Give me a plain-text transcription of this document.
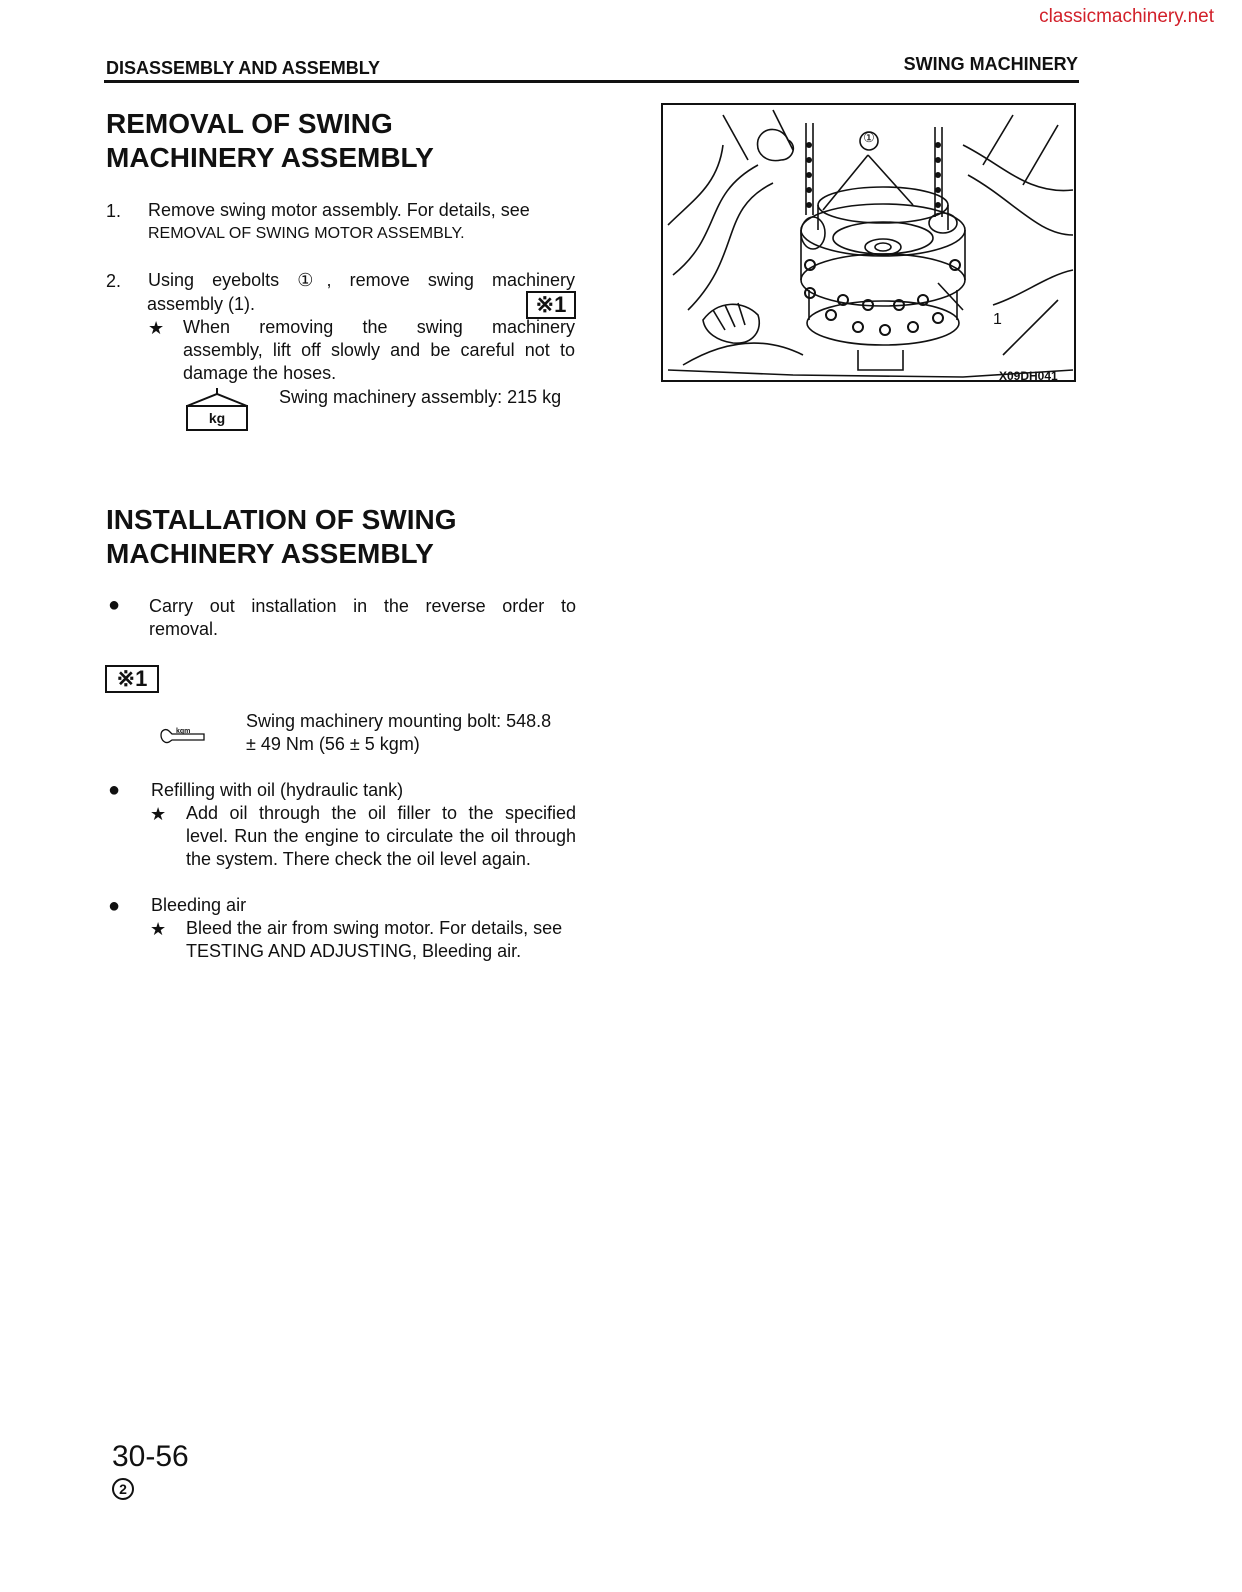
classicmachinery.net
DISASSEMBLY AND ASSEMBLY	SWING MACHINERY
REMOVAL OF SWING
MACHINERY ASSEMBLY
1. Remove swing motor assembly. For details, see
REMOVAL OF SWING MOTOR ASSEMBLY.
2. Using eyebolts ①, remove swing machinery
assembly (1).	※1
★ When removing the swing machinery
assembly, lift off slowly and be careful not to
damage the hoses.
kg
Swing machinery assembly: 215 kg
①
1
X09DH041
INSTALLATION OF SWING
MACHINERY ASSEMBLY
● Carry out installation in the reverse order to
removal.
※1
kgm
Swing machinery mounting bolt: 548.8
± 49 Nm (56 ± 5 kgm)
● Refilling with oil (hydraulic tank)
★ Add oil through the oil filler to the specified
level. Run the engine to circulate the oil through
the system. There check the oil level again.
● Bleeding air
★ Bleed the air from swing motor. For details, see
TESTING AND ADJUSTING, Bleeding air.
30-56
2
